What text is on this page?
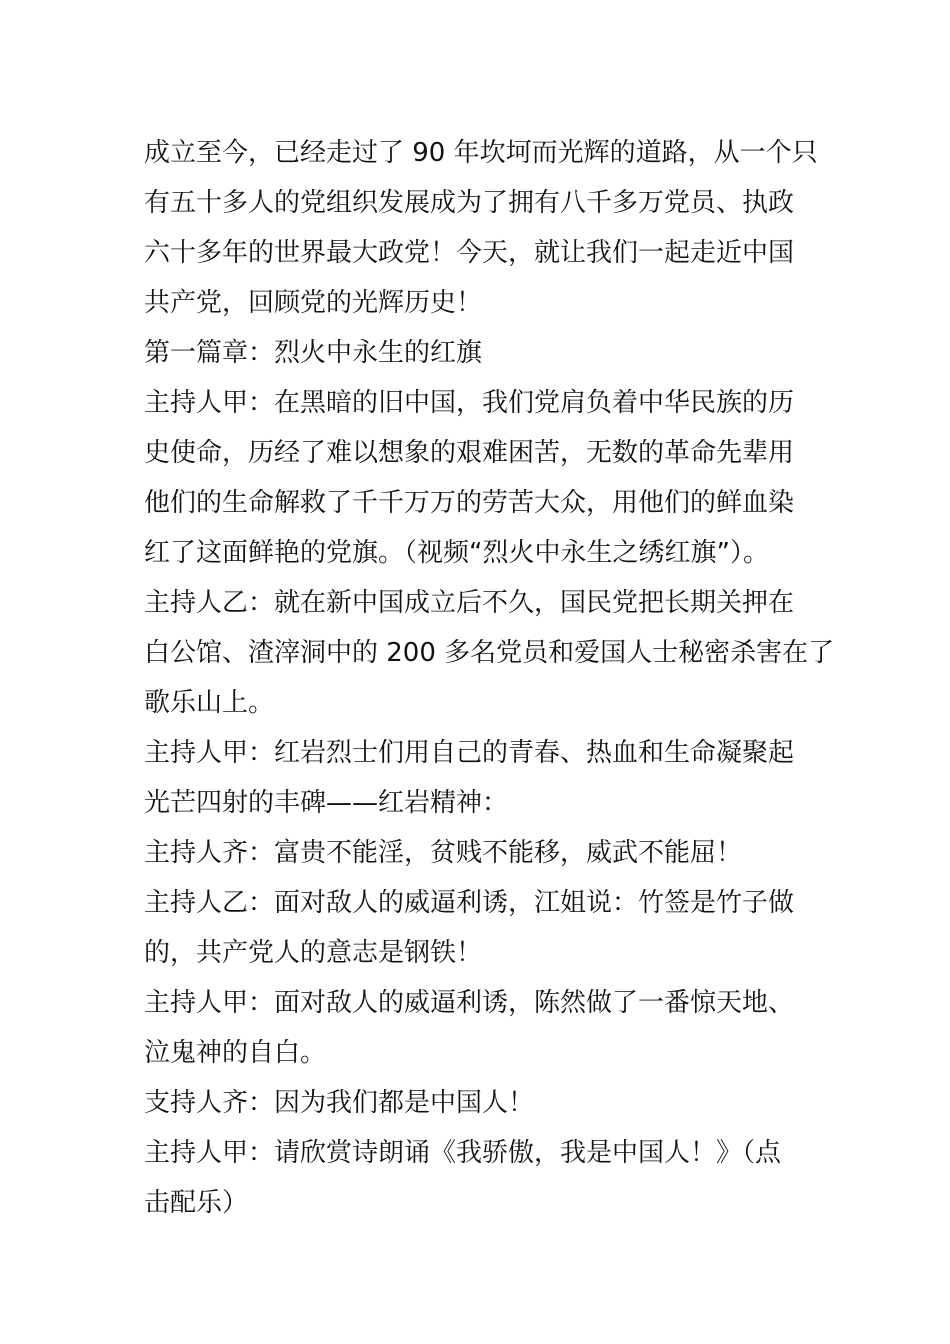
成立至今，已经走过了 90 年坎坷而光辉的道路，从一个只
有五十多人的党组织发展成为了拥有八千多万党员、执政
六十多年的世界最大政党！今天，就让我们一起走近中国
共产党，回顾党的光辉历史！
第一篇章：烈火中永生的红旗
主持人甲：在黑暗的旧中国，我们党肩负着中华民族的历
史使命，历经了难以想象的艰难困苦，无数的革命先辈用
他们的生命解救了千千万万的劳苦大众，用他们的鲜血染
红了这面鲜艳的党旗。（视频“烈火中永生之绣红旗”）。
主持人乙：就在新中国成立后不久，国民党把长期关押在
白公馆、渣滓洞中的 200 多名党员和爱国人士秘密杀害在了
歌乐山上。
主持人甲：红岩烈士们用自己的青春、热血和生命凝聚起
光芒四射的丰碑——红岩精神：
主持人齐：富贵不能淫，贫贱不能移，威武不能屈！
主持人乙：面对敌人的威逼利诱，江姐说：竹签是竹子做
的，共产党人的意志是钢铁！
主持人甲：面对敌人的威逼利诱，陈然做了一番惊天地、
泣鬼神的自白。
支持人齐：因为我们都是中国人！
主持人甲：请欣赏诗朗诵《我骄傲，我是中国人！》（点
击配乐）
